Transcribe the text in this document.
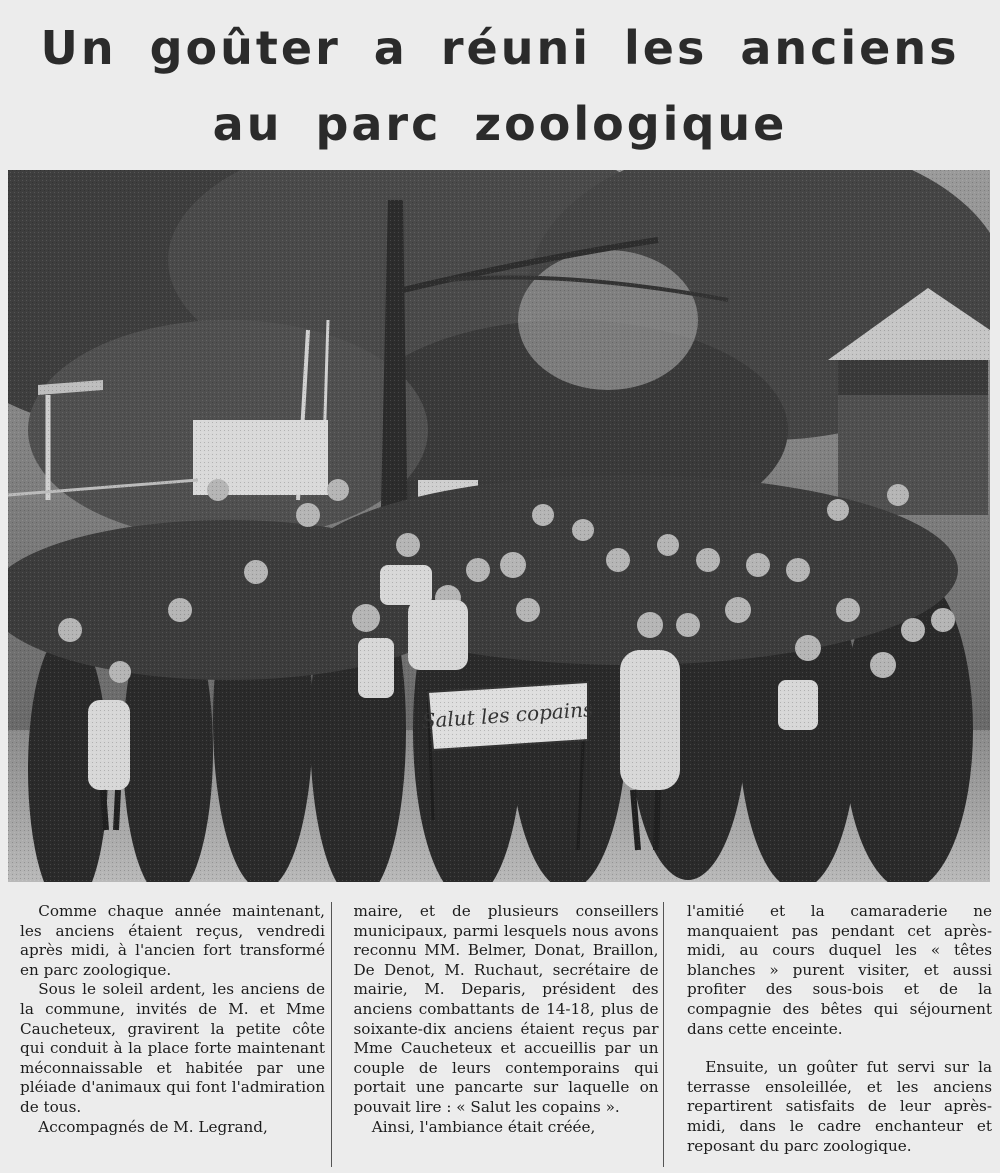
Un goûter a réuni les anciens
au parc zoologique

Comme chaque année maintenant, les anciens étaient reçus, vendredi après midi, à l'ancien fort transformé en parc zoologique.

Sous le soleil ardent, les anciens de la commune, invités de M. et Mme Caucheteux, gravirent la petite côte qui conduit à la place forte maintenant méconnaissable et habitée par une pléiade d'animaux qui font l'admiration de tous.

Accompagnés de M. Legrand,

maire, et de plusieurs conseillers municipaux, parmi lesquels nous avons reconnu MM. Belmer, Donat, Braillon, De Denot, M. Ruchaut, secrétaire de mairie, M. Deparis, président des anciens combattants de 14-18, plus de soixante-dix anciens étaient reçus par Mme Caucheteux et accueillis par un couple de leurs contemporains qui portait une pancarte sur laquelle on pouvait lire : « Salut les copains ».

Ainsi, l'ambiance était créée,

l'amitié et la camaraderie ne manquaient pas pendant cet après-midi, au cours duquel les « têtes blanches » purent visiter, et aussi profiter des sous-bois et de la compagnie des bêtes qui séjournent dans cette enceinte.

Ensuite, un goûter fut servi sur la terrasse ensoleillée, et les anciens repartirent satisfaits de leur après-midi, dans le cadre enchanteur et reposant du parc zoologique.
